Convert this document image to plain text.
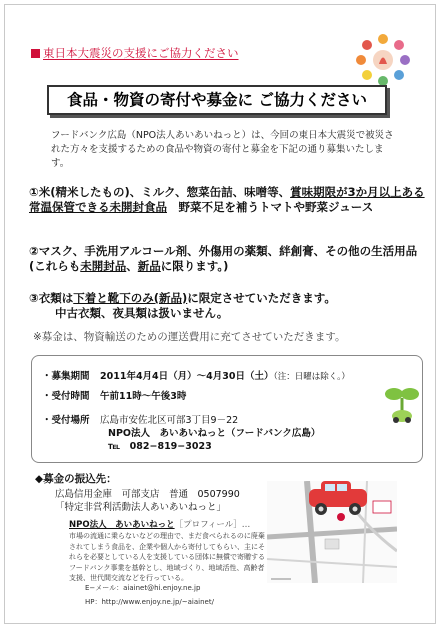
東日本大震災の支援にご協力ください
食品・物資の寄付や募金に ご協力ください
フードバンク広島（NPO法人あいあいねっと）は、今回の東日本大震災で被災された方々を支援するための食品や物資の寄付と募金を下記の通り募集いたします。
①米(精米したもの)、ミルク、惣菜缶詰、味噌等、賞味期限が3か月以上ある常温保管できる未開封食品　野菜不足を補うトマトや野菜ジュース
②マスク、手洗用アルコール剤、外傷用の薬類、絆創膏、その他の生活用品(これらも未開封品、新品に限ります。)
③衣類は下着と靴下のみ(新品)に限定させていただきます。
中古衣類、夜具類は扱いません。
※募金は、物資輸送のための運送費用に充てさせていただきます。
・募集期間 2011年4月4日（月）〜4月30日（土）（注：日曜は除く。）
・受付時間 午前11時〜午後3時
・受付場所 広島市安佐北区可部3丁目9－22
NPO法人　あいあいねっと（フードバンク広島）
℡　082−819−3023
◆募金の振込先：
広島信用金庫　可部支店　普通　0507990
「特定非営利活動法人あいあいねっと」
NPO法人　あいあいねっと［プロフィール］…
市場の流通に乗らないなどの理由で、まだ食べられるのに廃棄されてしまう食品を、企業や個人から寄付してもらい、主にそれらを必要としている人を支援している団体に無償で寄贈するフードバンク事業を基幹とし、地域づくり、地域活性、高齢者支援、世代間交流などを行っている。
E−メール：aiainet@hi.enjoy.ne.jp
HP：http://www.enjoy.ne.jp/~aiainet/
